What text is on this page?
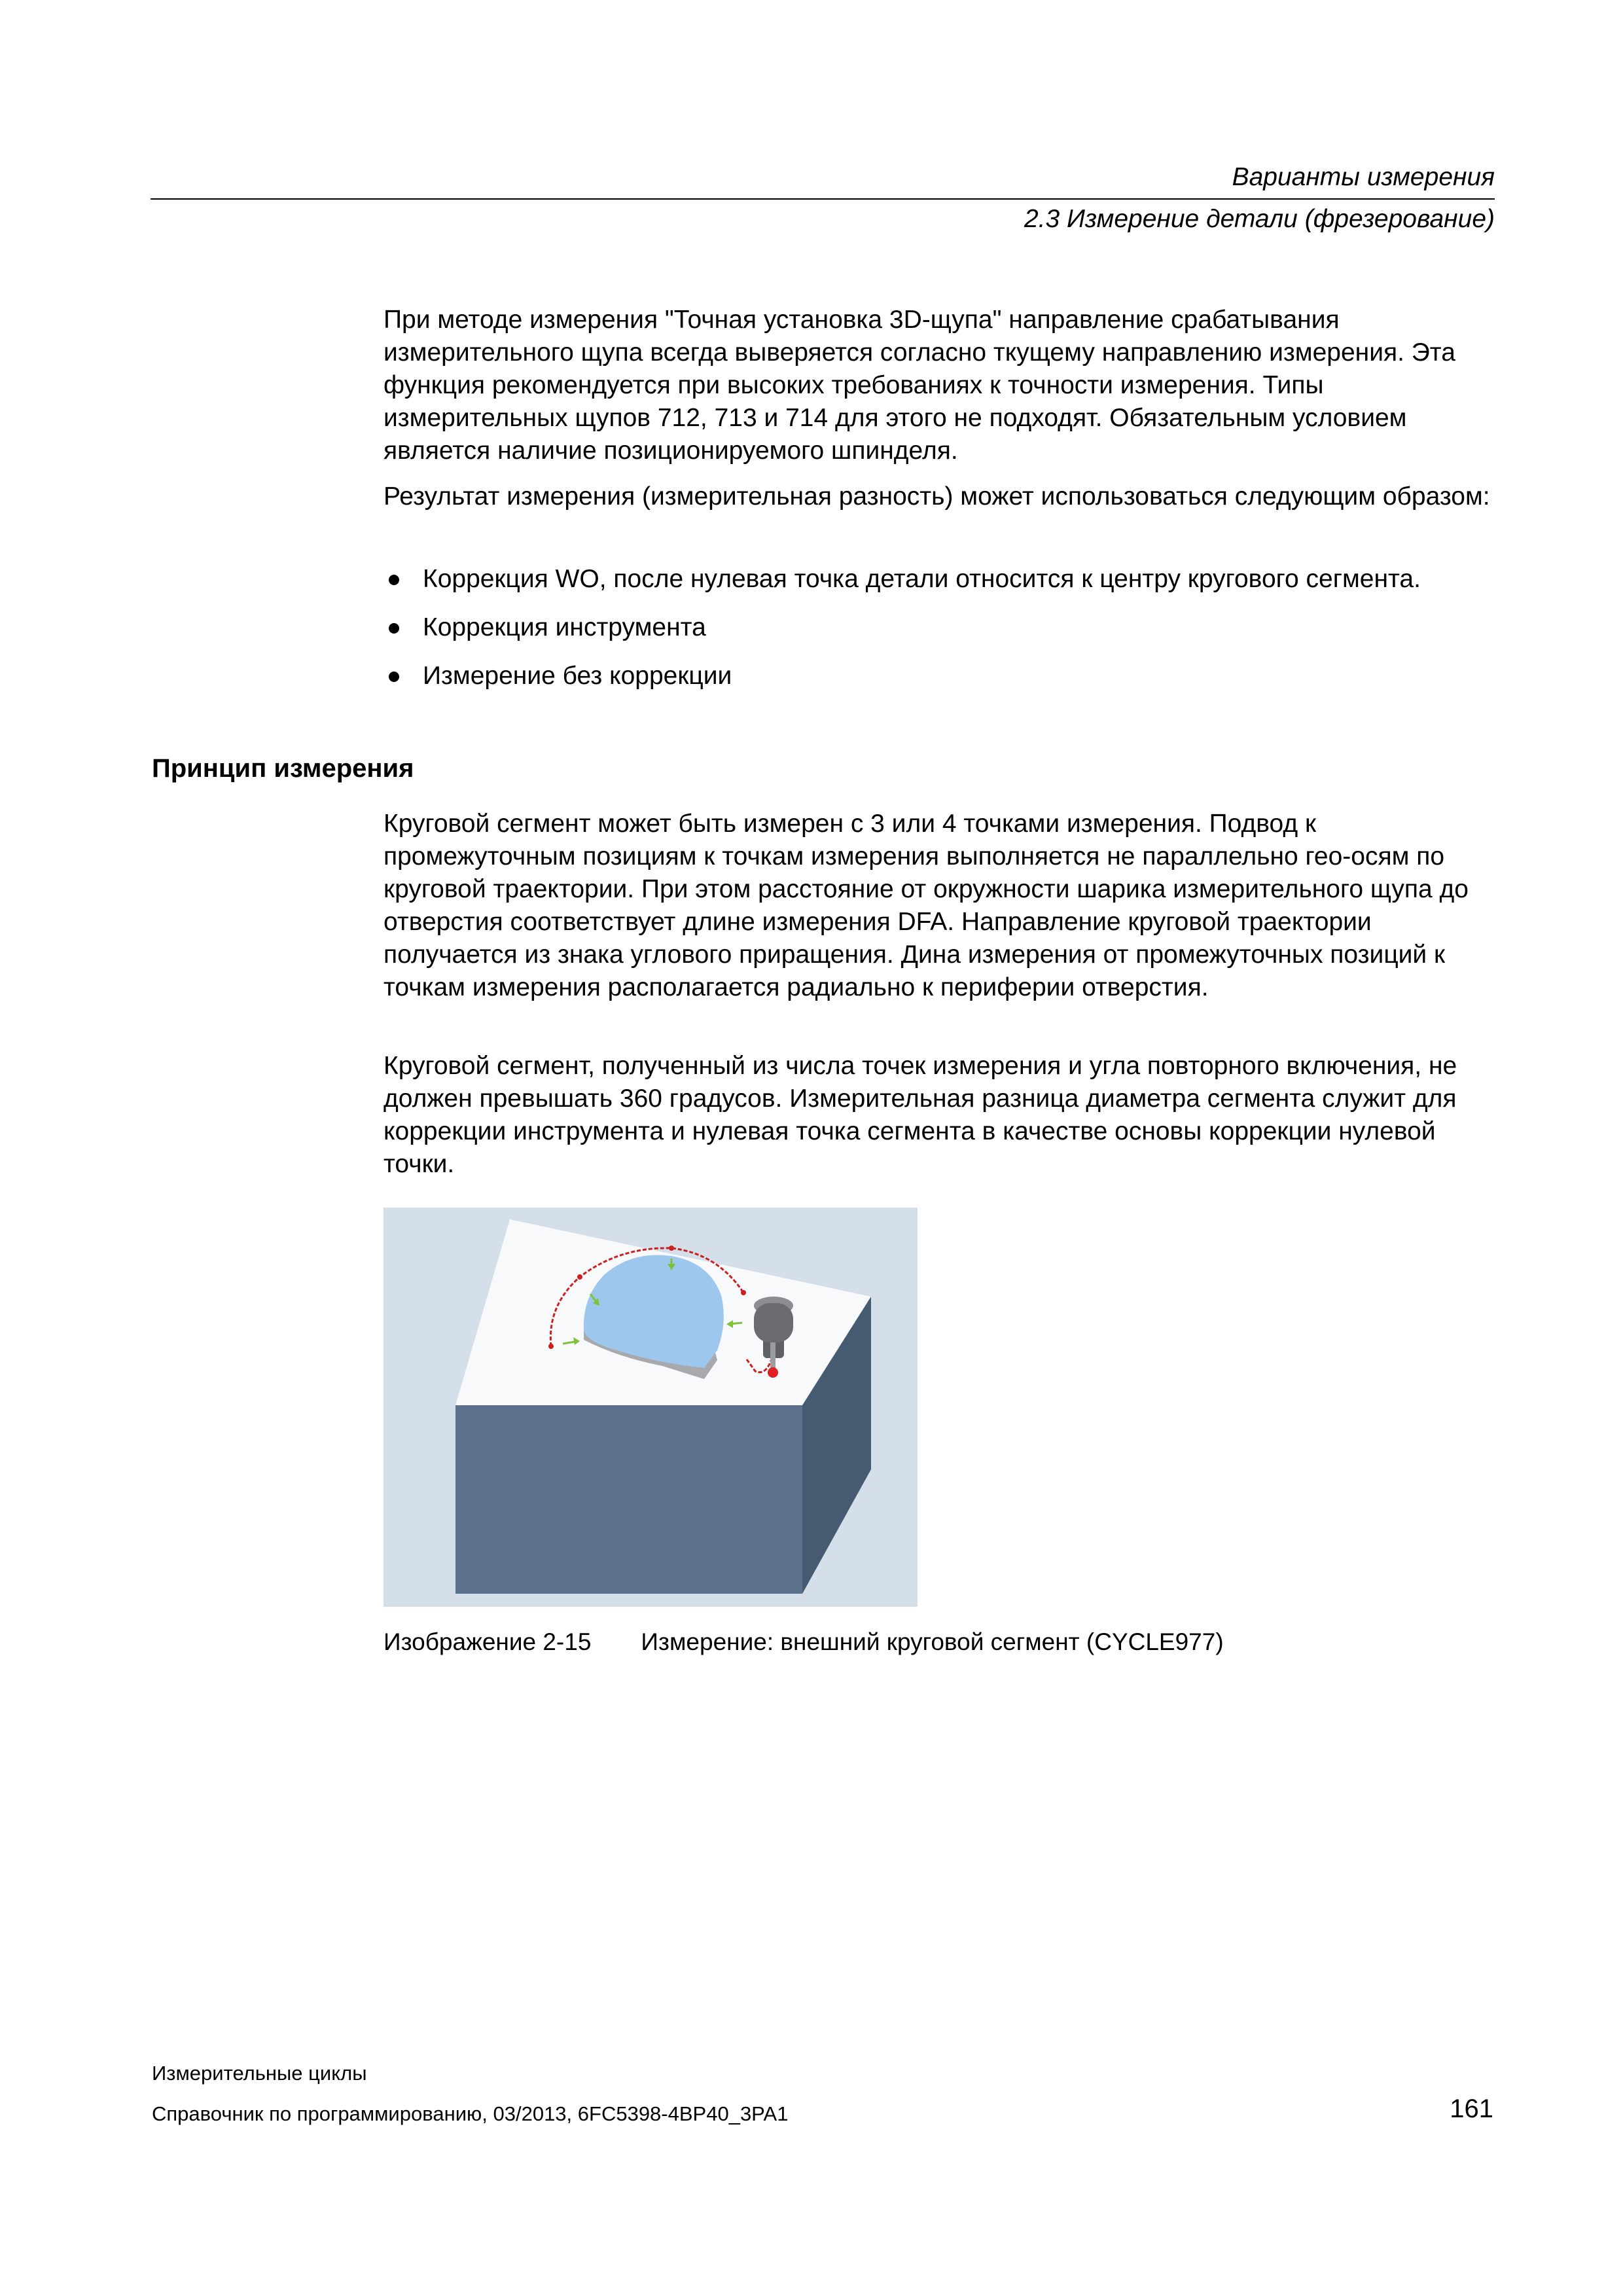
Варианты измерения
2.3 Измерение детали (фрезерование)

При методе измерения "Точная установка 3D-щупа" направление срабатывания измерительного щупа всегда выверяется согласно ткущему направлению измерения. Эта функция рекомендуется при высоких требованиях к точности измерения. Типы измерительных щупов 712, 713 и 714 для этого не подходят. Обязательным условием является наличие позиционируемого шпинделя.

Результат измерения (измерительная разность) может использоваться следующим образом:

Коррекция WO, после нулевая точка детали относится к центру кругового сегмента.
Коррекция инструмента
Измерение без коррекции
Принцип измерения

Круговой сегмент может быть измерен с 3 или 4 точками измерения. Подвод к промежуточным позициям к точкам измерения выполняется не параллельно гео-осям по круговой траектории. При этом расстояние от окружности шарика измерительного щупа до отверстия соответствует длине измерения DFA. Направление круговой траектории получается из знака углового приращения. Дина измерения от промежуточных позиций к точкам измерения располагается радиально к периферии отверстия.

Круговой сегмент, полученный из числа точек измерения и угла повторного включения, не должен превышать 360 градусов. Измерительная разница диаметра сегмента служит для коррекции инструмента и нулевая точка сегмента в качестве основы коррекции нулевой точки.

Изображение 2-15 Измерение: внешний круговой сегмент (CYCLE977)
Измерительные циклы
Справочник по программированию, 03/2013, 6FC5398-4BP40_3PA1	161
